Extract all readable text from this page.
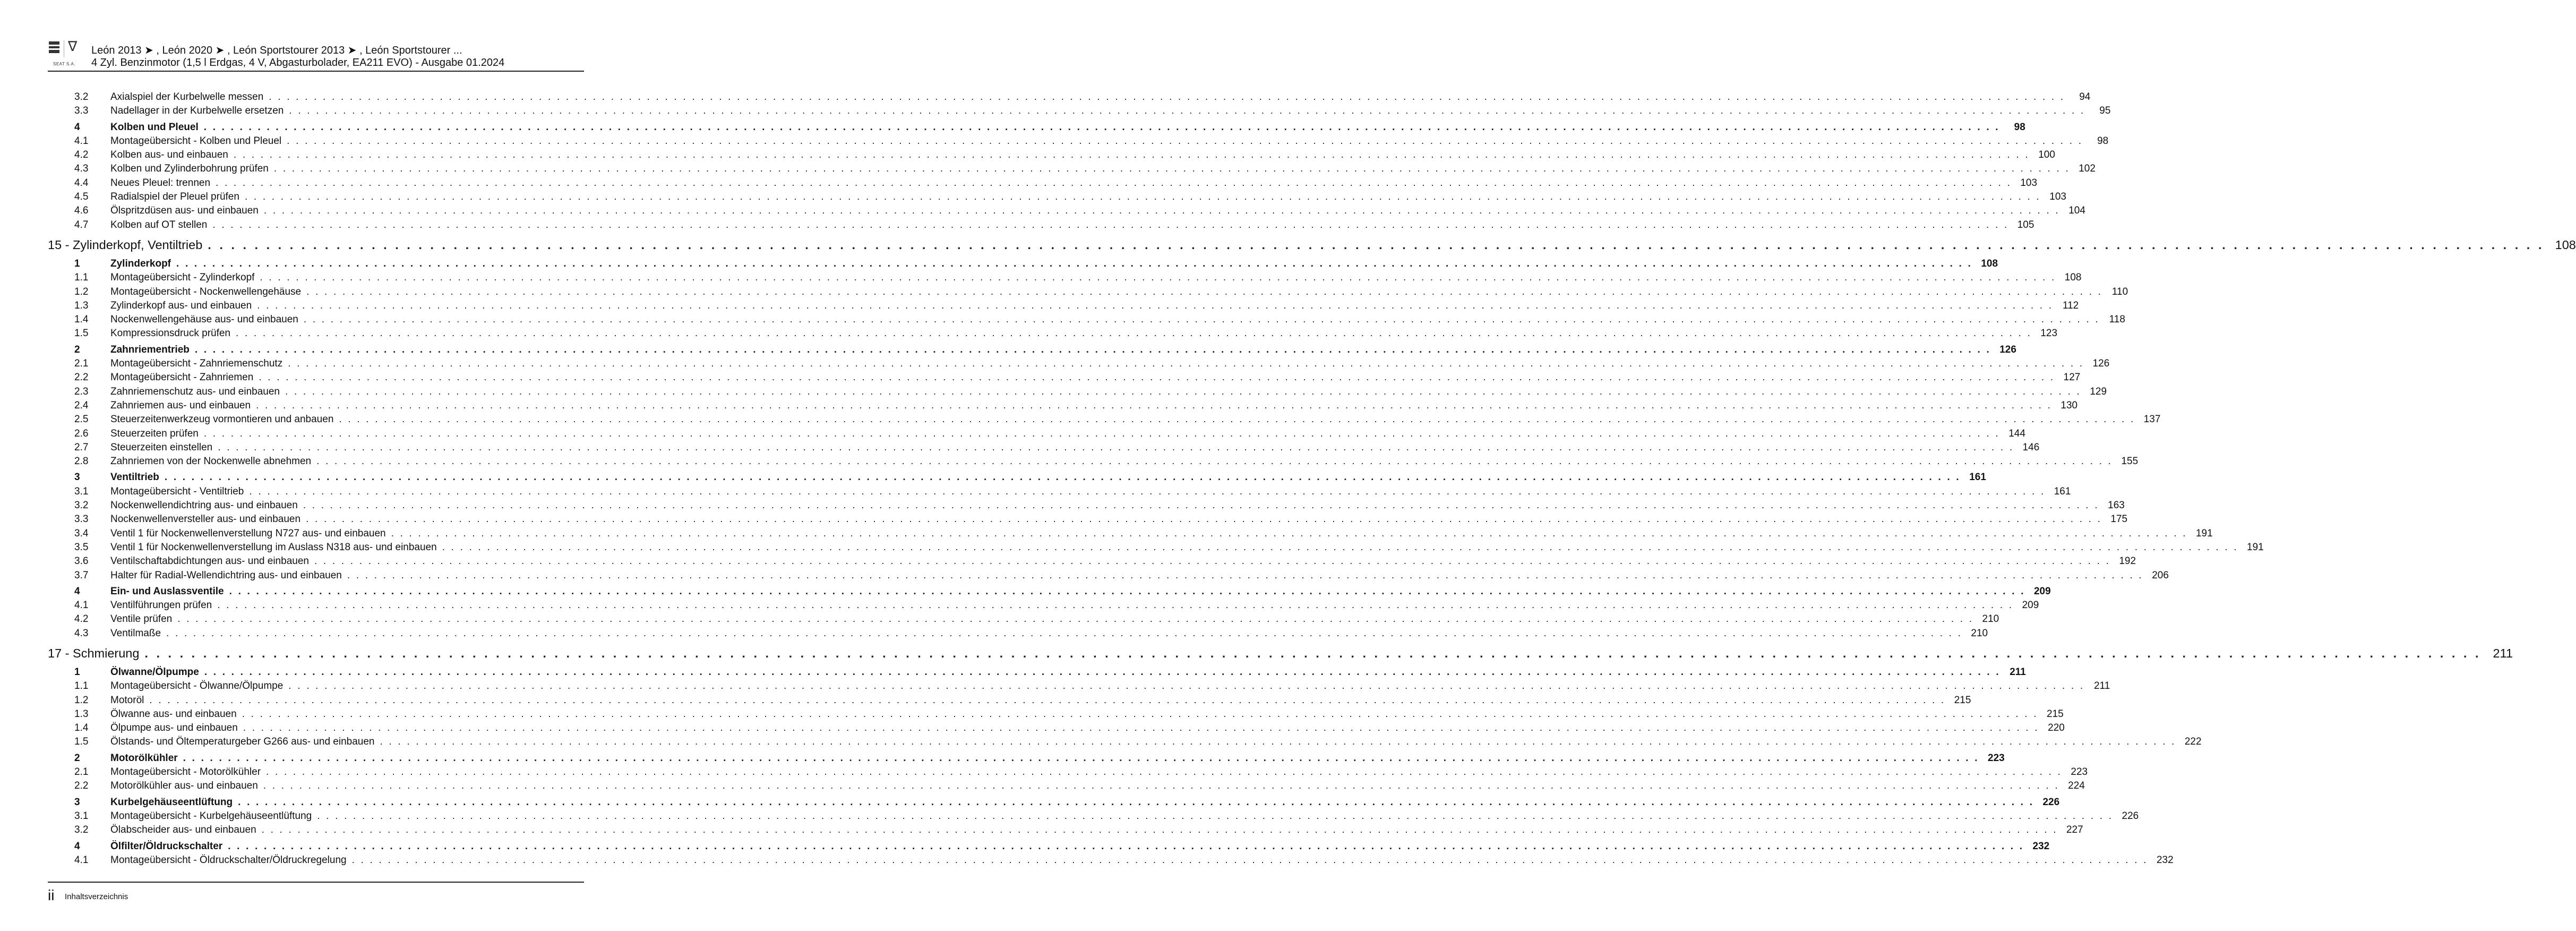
∇
SEAT S.A.
León 2013 ➤ , León 2020 ➤ , León Sportstourer 2013 ➤ , León Sportstourer ...
4 Zyl. Benzinmotor (1,5 l Erdgas, 4 V, Abgasturbolader, EA211 EVO) - Ausgabe 01.2024
3.2	Axialspiel der Kurbelwelle messen . . . . . . . . . . . . . . . . . . . . . . . . . . . . . . . . . . . . . . . . . . . . . . . . . . . . . . . . . . . . . . . . . . . . . . . . . . . . . . . . . . . . . . . . . . . . . . . . . . . . . . . . . . . . . . . . . . . . . . . . . . . . . . . . . . . . . . . . . . . . . . . . . . . . . . . . . . . . . . . . . . . . . . . . . . . . . . . . . . . . . . . . . . . . . . . . . . . . . . . .	94
3.3	Nadellager in der Kurbelwelle ersetzen . . . . . . . . . . . . . . . . . . . . . . . . . . . . . . . . . . . . . . . . . . . . . . . . . . . . . . . . . . . . . . . . . . . . . . . . . . . . . . . . . . . . . . . . . . . . . . . . . . . . . . . . . . . . . . . . . . . . . . . . . . . . . . . . . . . . . . . . . . . . . . . . . . . . . . . . . . . . . . . . . . . . . . . . . . . . . . . . . . . . . . . . . . . . . . . . . . . . . . . .	95
4	Kolben und Pleuel . . . . . . . . . . . . . . . . . . . . . . . . . . . . . . . . . . . . . . . . . . . . . . . . . . . . . . . . . . . . . . . . . . . . . . . . . . . . . . . . . . . . . . . . . . . . . . . . . . . . . . . . . . . . . . . . . . . . . . . . . . . . . . . . . . . . . . . . . . . . . . . . . . . . . . . . . . . . . . . . . . . . . . . . . . . . . . . . . . . . . . . . . . . . . . . . . . . . . . . .	98
4.1	Montageübersicht - Kolben und Pleuel . . . . . . . . . . . . . . . . . . . . . . . . . . . . . . . . . . . . . . . . . . . . . . . . . . . . . . . . . . . . . . . . . . . . . . . . . . . . . . . . . . . . . . . . . . . . . . . . . . . . . . . . . . . . . . . . . . . . . . . . . . . . . . . . . . . . . . . . . . . . . . . . . . . . . . . . . . . . . . . . . . . . . . . . . . . . . . . . . . . . . . . . . . . . . . . . . . . . . . . .	98
4.2	Kolben aus- und einbauen . . . . . . . . . . . . . . . . . . . . . . . . . . . . . . . . . . . . . . . . . . . . . . . . . . . . . . . . . . . . . . . . . . . . . . . . . . . . . . . . . . . . . . . . . . . . . . . . . . . . . . . . . . . . . . . . . . . . . . . . . . . . . . . . . . . . . . . . . . . . . . . . . . . . . . . . . . . . . . . . . . . . . . . . . . . . . . . . . . . . . . . . . . . . . . . . . . . . . . . . 100
4.3	Kolben und Zylinderbohrung prüfen . . . . . . . . . . . . . . . . . . . . . . . . . . . . . . . . . . . . . . . . . . . . . . . . . . . . . . . . . . . . . . . . . . . . . . . . . . . . . . . . . . . . . . . . . . . . . . . . . . . . . . . . . . . . . . . . . . . . . . . . . . . . . . . . . . . . . . . . . . . . . . . . . . . . . . . . . . . . . . . . . . . . . . . . . . . . . . . . . . . . . . . . . . . . . . . . . . . . . . . . 102
4.4	Neues Pleuel: trennen . . . . . . . . . . . . . . . . . . . . . . . . . . . . . . . . . . . . . . . . . . . . . . . . . . . . . . . . . . . . . . . . . . . . . . . . . . . . . . . . . . . . . . . . . . . . . . . . . . . . . . . . . . . . . . . . . . . . . . . . . . . . . . . . . . . . . . . . . . . . . . . . . . . . . . . . . . . . . . . . . . . . . . . . . . . . . . . . . . . . . . . . . . . . . . . . . . . . . . . . 103
4.5	Radialspiel der Pleuel prüfen . . . . . . . . . . . . . . . . . . . . . . . . . . . . . . . . . . . . . . . . . . . . . . . . . . . . . . . . . . . . . . . . . . . . . . . . . . . . . . . . . . . . . . . . . . . . . . . . . . . . . . . . . . . . . . . . . . . . . . . . . . . . . . . . . . . . . . . . . . . . . . . . . . . . . . . . . . . . . . . . . . . . . . . . . . . . . . . . . . . . . . . . . . . . . . . . . . . . . . . . 103
4.6	Ölspritzdüsen aus- und einbauen . . . . . . . . . . . . . . . . . . . . . . . . . . . . . . . . . . . . . . . . . . . . . . . . . . . . . . . . . . . . . . . . . . . . . . . . . . . . . . . . . . . . . . . . . . . . . . . . . . . . . . . . . . . . . . . . . . . . . . . . . . . . . . . . . . . . . . . . . . . . . . . . . . . . . . . . . . . . . . . . . . . . . . . . . . . . . . . . . . . . . . . . . . . . . . . . . . . . . . . . 104
4.7	Kolben auf OT stellen . . . . . . . . . . . . . . . . . . . . . . . . . . . . . . . . . . . . . . . . . . . . . . . . . . . . . . . . . . . . . . . . . . . . . . . . . . . . . . . . . . . . . . . . . . . . . . . . . . . . . . . . . . . . . . . . . . . . . . . . . . . . . . . . . . . . . . . . . . . . . . . . . . . . . . . . . . . . . . . . . . . . . . . . . . . . . . . . . . . . . . . . . . . . . . . . . . . . . . . . 105
15 - Zylinderkopf, Ventiltrieb . . . . . . . . . . . . . . . . . . . . . . . . . . . . . . . . . . . . . . . . . . . . . . . . . . . . . . . . . . . . . . . . . . . . . . . . . . . . . . . . . . . . . . . . . . . . . . . . . . . . . . . . . . . . . . . . . . . . . . . . . . . . . . . . . . . . . . . . . . . . . . . . . . . . . . . . . . . . . . . . . . . . . . . . . . . . . . . . . . . . . . . . . . . . . . . . . . . . . . . . 108
1	Zylinderkopf . . . . . . . . . . . . . . . . . . . . . . . . . . . . . . . . . . . . . . . . . . . . . . . . . . . . . . . . . . . . . . . . . . . . . . . . . . . . . . . . . . . . . . . . . . . . . . . . . . . . . . . . . . . . . . . . . . . . . . . . . . . . . . . . . . . . . . . . . . . . . . . . . . . . . . . . . . . . . . . . . . . . . . . . . . . . . . . . . . . . . . . . . . . . . . . . . . . . . . . . 108
1.1	Montageübersicht - Zylinderkopf . . . . . . . . . . . . . . . . . . . . . . . . . . . . . . . . . . . . . . . . . . . . . . . . . . . . . . . . . . . . . . . . . . . . . . . . . . . . . . . . . . . . . . . . . . . . . . . . . . . . . . . . . . . . . . . . . . . . . . . . . . . . . . . . . . . . . . . . . . . . . . . . . . . . . . . . . . . . . . . . . . . . . . . . . . . . . . . . . . . . . . . . . . . . . . . . . . . . . . . . 108
1.2	Montageübersicht - Nockenwellengehäuse . . . . . . . . . . . . . . . . . . . . . . . . . . . . . . . . . . . . . . . . . . . . . . . . . . . . . . . . . . . . . . . . . . . . . . . . . . . . . . . . . . . . . . . . . . . . . . . . . . . . . . . . . . . . . . . . . . . . . . . . . . . . . . . . . . . . . . . . . . . . . . . . . . . . . . . . . . . . . . . . . . . . . . . . . . . . . . . . . . . . . . . . . . . . . . . . . . . . . . . . 110
1.3	Zylinderkopf aus- und einbauen . . . . . . . . . . . . . . . . . . . . . . . . . . . . . . . . . . . . . . . . . . . . . . . . . . . . . . . . . . . . . . . . . . . . . . . . . . . . . . . . . . . . . . . . . . . . . . . . . . . . . . . . . . . . . . . . . . . . . . . . . . . . . . . . . . . . . . . . . . . . . . . . . . . . . . . . . . . . . . . . . . . . . . . . . . . . . . . . . . . . . . . . . . . . . . . . . . . . . . . . 112
1.4	Nockenwellengehäuse aus- und einbauen . . . . . . . . . . . . . . . . . . . . . . . . . . . . . . . . . . . . . . . . . . . . . . . . . . . . . . . . . . . . . . . . . . . . . . . . . . . . . . . . . . . . . . . . . . . . . . . . . . . . . . . . . . . . . . . . . . . . . . . . . . . . . . . . . . . . . . . . . . . . . . . . . . . . . . . . . . . . . . . . . . . . . . . . . . . . . . . . . . . . . . . . . . . . . . . . . . . . . . . . 118
1.5	Kompressionsdruck prüfen . . . . . . . . . . . . . . . . . . . . . . . . . . . . . . . . . . . . . . . . . . . . . . . . . . . . . . . . . . . . . . . . . . . . . . . . . . . . . . . . . . . . . . . . . . . . . . . . . . . . . . . . . . . . . . . . . . . . . . . . . . . . . . . . . . . . . . . . . . . . . . . . . . . . . . . . . . . . . . . . . . . . . . . . . . . . . . . . . . . . . . . . . . . . . . . . . . . . . . . . 123
2	Zahnriementrieb . . . . . . . . . . . . . . . . . . . . . . . . . . . . . . . . . . . . . . . . . . . . . . . . . . . . . . . . . . . . . . . . . . . . . . . . . . . . . . . . . . . . . . . . . . . . . . . . . . . . . . . . . . . . . . . . . . . . . . . . . . . . . . . . . . . . . . . . . . . . . . . . . . . . . . . . . . . . . . . . . . . . . . . . . . . . . . . . . . . . . . . . . . . . . . . . . . . . . . . . 126
2.1	Montageübersicht - Zahnriemenschutz . . . . . . . . . . . . . . . . . . . . . . . . . . . . . . . . . . . . . . . . . . . . . . . . . . . . . . . . . . . . . . . . . . . . . . . . . . . . . . . . . . . . . . . . . . . . . . . . . . . . . . . . . . . . . . . . . . . . . . . . . . . . . . . . . . . . . . . . . . . . . . . . . . . . . . . . . . . . . . . . . . . . . . . . . . . . . . . . . . . . . . . . . . . . . . . . . . . . . . . . 126
2.2	Montageübersicht - Zahnriemen . . . . . . . . . . . . . . . . . . . . . . . . . . . . . . . . . . . . . . . . . . . . . . . . . . . . . . . . . . . . . . . . . . . . . . . . . . . . . . . . . . . . . . . . . . . . . . . . . . . . . . . . . . . . . . . . . . . . . . . . . . . . . . . . . . . . . . . . . . . . . . . . . . . . . . . . . . . . . . . . . . . . . . . . . . . . . . . . . . . . . . . . . . . . . . . . . . . . . . . . 127
2.3	Zahnriemenschutz aus- und einbauen . . . . . . . . . . . . . . . . . . . . . . . . . . . . . . . . . . . . . . . . . . . . . . . . . . . . . . . . . . . . . . . . . . . . . . . . . . . . . . . . . . . . . . . . . . . . . . . . . . . . . . . . . . . . . . . . . . . . . . . . . . . . . . . . . . . . . . . . . . . . . . . . . . . . . . . . . . . . . . . . . . . . . . . . . . . . . . . . . . . . . . . . . . . . . . . . . . . . . . . . 129
2.4	Zahnriemen aus- und einbauen . . . . . . . . . . . . . . . . . . . . . . . . . . . . . . . . . . . . . . . . . . . . . . . . . . . . . . . . . . . . . . . . . . . . . . . . . . . . . . . . . . . . . . . . . . . . . . . . . . . . . . . . . . . . . . . . . . . . . . . . . . . . . . . . . . . . . . . . . . . . . . . . . . . . . . . . . . . . . . . . . . . . . . . . . . . . . . . . . . . . . . . . . . . . . . . . . . . . . . . . 130
2.5	Steuerzeitenwerkzeug vormontieren und anbauen . . . . . . . . . . . . . . . . . . . . . . . . . . . . . . . . . . . . . . . . . . . . . . . . . . . . . . . . . . . . . . . . . . . . . . . . . . . . . . . . . . . . . . . . . . . . . . . . . . . . . . . . . . . . . . . . . . . . . . . . . . . . . . . . . . . . . . . . . . . . . . . . . . . . . . . . . . . . . . . . . . . . . . . . . . . . . . . . . . . . . . . . . . . . . . . . . . . . . . . . 137
2.6	Steuerzeiten prüfen . . . . . . . . . . . . . . . . . . . . . . . . . . . . . . . . . . . . . . . . . . . . . . . . . . . . . . . . . . . . . . . . . . . . . . . . . . . . . . . . . . . . . . . . . . . . . . . . . . . . . . . . . . . . . . . . . . . . . . . . . . . . . . . . . . . . . . . . . . . . . . . . . . . . . . . . . . . . . . . . . . . . . . . . . . . . . . . . . . . . . . . . . . . . . . . . . . . . . . . . 144
2.7	Steuerzeiten einstellen . . . . . . . . . . . . . . . . . . . . . . . . . . . . . . . . . . . . . . . . . . . . . . . . . . . . . . . . . . . . . . . . . . . . . . . . . . . . . . . . . . . . . . . . . . . . . . . . . . . . . . . . . . . . . . . . . . . . . . . . . . . . . . . . . . . . . . . . . . . . . . . . . . . . . . . . . . . . . . . . . . . . . . . . . . . . . . . . . . . . . . . . . . . . . . . . . . . . . . . . 146
2.8	Zahnriemen von der Nockenwelle abnehmen . . . . . . . . . . . . . . . . . . . . . . . . . . . . . . . . . . . . . . . . . . . . . . . . . . . . . . . . . . . . . . . . . . . . . . . . . . . . . . . . . . . . . . . . . . . . . . . . . . . . . . . . . . . . . . . . . . . . . . . . . . . . . . . . . . . . . . . . . . . . . . . . . . . . . . . . . . . . . . . . . . . . . . . . . . . . . . . . . . . . . . . . . . . . . . . . . . . . . . . . 155
3	Ventiltrieb . . . . . . . . . . . . . . . . . . . . . . . . . . . . . . . . . . . . . . . . . . . . . . . . . . . . . . . . . . . . . . . . . . . . . . . . . . . . . . . . . . . . . . . . . . . . . . . . . . . . . . . . . . . . . . . . . . . . . . . . . . . . . . . . . . . . . . . . . . . . . . . . . . . . . . . . . . . . . . . . . . . . . . . . . . . . . . . . . . . . . . . . . . . . . . . . . . . . . . . . 161
3.1	Montageübersicht - Ventiltrieb . . . . . . . . . . . . . . . . . . . . . . . . . . . . . . . . . . . . . . . . . . . . . . . . . . . . . . . . . . . . . . . . . . . . . . . . . . . . . . . . . . . . . . . . . . . . . . . . . . . . . . . . . . . . . . . . . . . . . . . . . . . . . . . . . . . . . . . . . . . . . . . . . . . . . . . . . . . . . . . . . . . . . . . . . . . . . . . . . . . . . . . . . . . . . . . . . . . . . . . . 161
3.2	Nockenwellendichtring aus- und einbauen . . . . . . . . . . . . . . . . . . . . . . . . . . . . . . . . . . . . . . . . . . . . . . . . . . . . . . . . . . . . . . . . . . . . . . . . . . . . . . . . . . . . . . . . . . . . . . . . . . . . . . . . . . . . . . . . . . . . . . . . . . . . . . . . . . . . . . . . . . . . . . . . . . . . . . . . . . . . . . . . . . . . . . . . . . . . . . . . . . . . . . . . . . . . . . . . . . . . . . . . 163
3.3	Nockenwellenversteller aus- und einbauen . . . . . . . . . . . . . . . . . . . . . . . . . . . . . . . . . . . . . . . . . . . . . . . . . . . . . . . . . . . . . . . . . . . . . . . . . . . . . . . . . . . . . . . . . . . . . . . . . . . . . . . . . . . . . . . . . . . . . . . . . . . . . . . . . . . . . . . . . . . . . . . . . . . . . . . . . . . . . . . . . . . . . . . . . . . . . . . . . . . . . . . . . . . . . . . . . . . . . . . . 175
3.4	Ventil 1 für Nockenwellenverstellung N727 aus- und einbauen . . . . . . . . . . . . . . . . . . . . . . . . . . . . . . . . . . . . . . . . . . . . . . . . . . . . . . . . . . . . . . . . . . . . . . . . . . . . . . . . . . . . . . . . . . . . . . . . . . . . . . . . . . . . . . . . . . . . . . . . . . . . . . . . . . . . . . . . . . . . . . . . . . . . . . . . . . . . . . . . . . . . . . . . . . . . . . . . . . . . . . . . . . . . . . . . . . . . . . . . 191
3.5	Ventil 1 für Nockenwellenverstellung im Auslass N318 aus- und einbauen . . . . . . . . . . . . . . . . . . . . . . . . . . . . . . . . . . . . . . . . . . . . . . . . . . . . . . . . . . . . . . . . . . . . . . . . . . . . . . . . . . . . . . . . . . . . . . . . . . . . . . . . . . . . . . . . . . . . . . . . . . . . . . . . . . . . . . . . . . . . . . . . . . . . . . . . . . . . . . . . . . . . . . . . . . . . . . . . . . . . . . . . . . . . . . . . . . . . . . . . 191
3.6	Ventilschaftabdichtungen aus- und einbauen . . . . . . . . . . . . . . . . . . . . . . . . . . . . . . . . . . . . . . . . . . . . . . . . . . . . . . . . . . . . . . . . . . . . . . . . . . . . . . . . . . . . . . . . . . . . . . . . . . . . . . . . . . . . . . . . . . . . . . . . . . . . . . . . . . . . . . . . . . . . . . . . . . . . . . . . . . . . . . . . . . . . . . . . . . . . . . . . . . . . . . . . . . . . . . . . . . . . . . . . 192
3.7	Halter für Radial-Wellendichtring aus- und einbauen . . . . . . . . . . . . . . . . . . . . . . . . . . . . . . . . . . . . . . . . . . . . . . . . . . . . . . . . . . . . . . . . . . . . . . . . . . . . . . . . . . . . . . . . . . . . . . . . . . . . . . . . . . . . . . . . . . . . . . . . . . . . . . . . . . . . . . . . . . . . . . . . . . . . . . . . . . . . . . . . . . . . . . . . . . . . . . . . . . . . . . . . . . . . . . . . . . . . . . . . 206
4	Ein- und Auslassventile . . . . . . . . . . . . . . . . . . . . . . . . . . . . . . . . . . . . . . . . . . . . . . . . . . . . . . . . . . . . . . . . . . . . . . . . . . . . . . . . . . . . . . . . . . . . . . . . . . . . . . . . . . . . . . . . . . . . . . . . . . . . . . . . . . . . . . . . . . . . . . . . . . . . . . . . . . . . . . . . . . . . . . . . . . . . . . . . . . . . . . . . . . . . . . . . . . . . . . . . 209
4.1	Ventilführungen prüfen . . . . . . . . . . . . . . . . . . . . . . . . . . . . . . . . . . . . . . . . . . . . . . . . . . . . . . . . . . . . . . . . . . . . . . . . . . . . . . . . . . . . . . . . . . . . . . . . . . . . . . . . . . . . . . . . . . . . . . . . . . . . . . . . . . . . . . . . . . . . . . . . . . . . . . . . . . . . . . . . . . . . . . . . . . . . . . . . . . . . . . . . . . . . . . . . . . . . . . . . 209
4.2	Ventile prüfen . . . . . . . . . . . . . . . . . . . . . . . . . . . . . . . . . . . . . . . . . . . . . . . . . . . . . . . . . . . . . . . . . . . . . . . . . . . . . . . . . . . . . . . . . . . . . . . . . . . . . . . . . . . . . . . . . . . . . . . . . . . . . . . . . . . . . . . . . . . . . . . . . . . . . . . . . . . . . . . . . . . . . . . . . . . . . . . . . . . . . . . . . . . . . . . . . . . . . . . . 210
4.3	Ventilmaße . . . . . . . . . . . . . . . . . . . . . . . . . . . . . . . . . . . . . . . . . . . . . . . . . . . . . . . . . . . . . . . . . . . . . . . . . . . . . . . . . . . . . . . . . . . . . . . . . . . . . . . . . . . . . . . . . . . . . . . . . . . . . . . . . . . . . . . . . . . . . . . . . . . . . . . . . . . . . . . . . . . . . . . . . . . . . . . . . . . . . . . . . . . . . . . . . . . . . . . . 210
17 - Schmierung . . . . . . . . . . . . . . . . . . . . . . . . . . . . . . . . . . . . . . . . . . . . . . . . . . . . . . . . . . . . . . . . . . . . . . . . . . . . . . . . . . . . . . . . . . . . . . . . . . . . . . . . . . . . . . . . . . . . . . . . . . . . . . . . . . . . . . . . . . . . . . . . . . . . . . . . . . . . . . . . . . . . . . . . . . . . . . . . . . . . . . . . . . . . . . . . . . . . . . . . 211
1	Ölwanne/Ölpumpe . . . . . . . . . . . . . . . . . . . . . . . . . . . . . . . . . . . . . . . . . . . . . . . . . . . . . . . . . . . . . . . . . . . . . . . . . . . . . . . . . . . . . . . . . . . . . . . . . . . . . . . . . . . . . . . . . . . . . . . . . . . . . . . . . . . . . . . . . . . . . . . . . . . . . . . . . . . . . . . . . . . . . . . . . . . . . . . . . . . . . . . . . . . . . . . . . . . . . . . . 211
1.1	Montageübersicht - Ölwanne/Ölpumpe . . . . . . . . . . . . . . . . . . . . . . . . . . . . . . . . . . . . . . . . . . . . . . . . . . . . . . . . . . . . . . . . . . . . . . . . . . . . . . . . . . . . . . . . . . . . . . . . . . . . . . . . . . . . . . . . . . . . . . . . . . . . . . . . . . . . . . . . . . . . . . . . . . . . . . . . . . . . . . . . . . . . . . . . . . . . . . . . . . . . . . . . . . . . . . . . . . . . . . . . 211
1.2	Motoröl . . . . . . . . . . . . . . . . . . . . . . . . . . . . . . . . . . . . . . . . . . . . . . . . . . . . . . . . . . . . . . . . . . . . . . . . . . . . . . . . . . . . . . . . . . . . . . . . . . . . . . . . . . . . . . . . . . . . . . . . . . . . . . . . . . . . . . . . . . . . . . . . . . . . . . . . . . . . . . . . . . . . . . . . . . . . . . . . . . . . . . . . . . . . . . . . . . . . . . . . 215
1.3	Ölwanne aus- und einbauen . . . . . . . . . . . . . . . . . . . . . . . . . . . . . . . . . . . . . . . . . . . . . . . . . . . . . . . . . . . . . . . . . . . . . . . . . . . . . . . . . . . . . . . . . . . . . . . . . . . . . . . . . . . . . . . . . . . . . . . . . . . . . . . . . . . . . . . . . . . . . . . . . . . . . . . . . . . . . . . . . . . . . . . . . . . . . . . . . . . . . . . . . . . . . . . . . . . . . . . . 215
1.4	Ölpumpe aus- und einbauen . . . . . . . . . . . . . . . . . . . . . . . . . . . . . . . . . . . . . . . . . . . . . . . . . . . . . . . . . . . . . . . . . . . . . . . . . . . . . . . . . . . . . . . . . . . . . . . . . . . . . . . . . . . . . . . . . . . . . . . . . . . . . . . . . . . . . . . . . . . . . . . . . . . . . . . . . . . . . . . . . . . . . . . . . . . . . . . . . . . . . . . . . . . . . . . . . . . . . . . . 220
1.5	Ölstands- und Öltemperaturgeber G266 aus- und einbauen . . . . . . . . . . . . . . . . . . . . . . . . . . . . . . . . . . . . . . . . . . . . . . . . . . . . . . . . . . . . . . . . . . . . . . . . . . . . . . . . . . . . . . . . . . . . . . . . . . . . . . . . . . . . . . . . . . . . . . . . . . . . . . . . . . . . . . . . . . . . . . . . . . . . . . . . . . . . . . . . . . . . . . . . . . . . . . . . . . . . . . . . . . . . . . . . . . . . . . . . 222
2	Motorölkühler . . . . . . . . . . . . . . . . . . . . . . . . . . . . . . . . . . . . . . . . . . . . . . . . . . . . . . . . . . . . . . . . . . . . . . . . . . . . . . . . . . . . . . . . . . . . . . . . . . . . . . . . . . . . . . . . . . . . . . . . . . . . . . . . . . . . . . . . . . . . . . . . . . . . . . . . . . . . . . . . . . . . . . . . . . . . . . . . . . . . . . . . . . . . . . . . . . . . . . . . 223
2.1	Montageübersicht - Motorölkühler . . . . . . . . . . . . . . . . . . . . . . . . . . . . . . . . . . . . . . . . . . . . . . . . . . . . . . . . . . . . . . . . . . . . . . . . . . . . . . . . . . . . . . . . . . . . . . . . . . . . . . . . . . . . . . . . . . . . . . . . . . . . . . . . . . . . . . . . . . . . . . . . . . . . . . . . . . . . . . . . . . . . . . . . . . . . . . . . . . . . . . . . . . . . . . . . . . . . . . . . 223
2.2	Motorölkühler aus- und einbauen . . . . . . . . . . . . . . . . . . . . . . . . . . . . . . . . . . . . . . . . . . . . . . . . . . . . . . . . . . . . . . . . . . . . . . . . . . . . . . . . . . . . . . . . . . . . . . . . . . . . . . . . . . . . . . . . . . . . . . . . . . . . . . . . . . . . . . . . . . . . . . . . . . . . . . . . . . . . . . . . . . . . . . . . . . . . . . . . . . . . . . . . . . . . . . . . . . . . . . . . 224
3	Kurbelgehäuseentlüftung . . . . . . . . . . . . . . . . . . . . . . . . . . . . . . . . . . . . . . . . . . . . . . . . . . . . . . . . . . . . . . . . . . . . . . . . . . . . . . . . . . . . . . . . . . . . . . . . . . . . . . . . . . . . . . . . . . . . . . . . . . . . . . . . . . . . . . . . . . . . . . . . . . . . . . . . . . . . . . . . . . . . . . . . . . . . . . . . . . . . . . . . . . . . . . . . . . . . . . . . 226
3.1	Montageübersicht - Kurbelgehäuseentlüftung . . . . . . . . . . . . . . . . . . . . . . . . . . . . . . . . . . . . . . . . . . . . . . . . . . . . . . . . . . . . . . . . . . . . . . . . . . . . . . . . . . . . . . . . . . . . . . . . . . . . . . . . . . . . . . . . . . . . . . . . . . . . . . . . . . . . . . . . . . . . . . . . . . . . . . . . . . . . . . . . . . . . . . . . . . . . . . . . . . . . . . . . . . . . . . . . . . . . . . . . 226
3.2	Ölabscheider aus- und einbauen . . . . . . . . . . . . . . . . . . . . . . . . . . . . . . . . . . . . . . . . . . . . . . . . . . . . . . . . . . . . . . . . . . . . . . . . . . . . . . . . . . . . . . . . . . . . . . . . . . . . . . . . . . . . . . . . . . . . . . . . . . . . . . . . . . . . . . . . . . . . . . . . . . . . . . . . . . . . . . . . . . . . . . . . . . . . . . . . . . . . . . . . . . . . . . . . . . . . . . . . 227
4	Ölfilter/Öldruckschalter . . . . . . . . . . . . . . . . . . . . . . . . . . . . . . . . . . . . . . . . . . . . . . . . . . . . . . . . . . . . . . . . . . . . . . . . . . . . . . . . . . . . . . . . . . . . . . . . . . . . . . . . . . . . . . . . . . . . . . . . . . . . . . . . . . . . . . . . . . . . . . . . . . . . . . . . . . . . . . . . . . . . . . . . . . . . . . . . . . . . . . . . . . . . . . . . . . . . . . . . 232
4.1	Montageübersicht - Öldruckschalter/Öldruckregelung . . . . . . . . . . . . . . . . . . . . . . . . . . . . . . . . . . . . . . . . . . . . . . . . . . . . . . . . . . . . . . . . . . . . . . . . . . . . . . . . . . . . . . . . . . . . . . . . . . . . . . . . . . . . . . . . . . . . . . . . . . . . . . . . . . . . . . . . . . . . . . . . . . . . . . . . . . . . . . . . . . . . . . . . . . . . . . . . . . . . . . . . . . . . . . . . . . . . . . . . 232
ii Inhaltsverzeichnis
